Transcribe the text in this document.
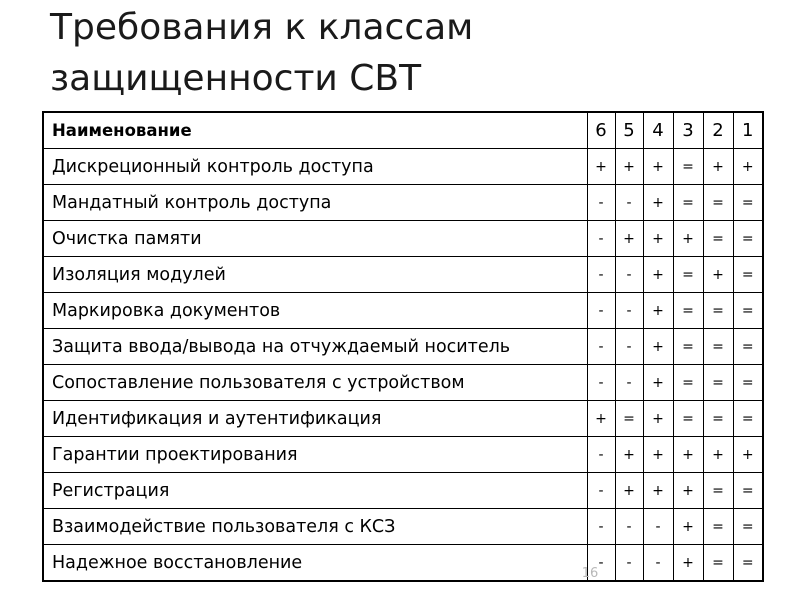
Требования к классам
защищенности СВТ
Наименование	6	5	4	3	2	1
Дискреционный контроль доступа	+	+	+	=	+	+
Мандатный контроль доступа	-	-	+	=	=	=
Очистка памяти	-	+	+	+	=	=
Изоляция модулей	-	-	+	=	+	=
Маркировка документов	-	-	+	=	=	=
Защита ввода/вывода на отчуждаемый носитель	-	-	+	=	=	=
Сопоставление пользователя с устройством	-	-	+	=	=	=
Идентификация и аутентификация	+	=	+	=	=	=
Гарантии проектирования	-	+	+	+	+	+
Регистрация	-	+	+	+	=	=
Взаимодействие пользователя с КСЗ	-	-	-	+	=	=
Надежное восстановление	-	-	-	+	=	=
16
